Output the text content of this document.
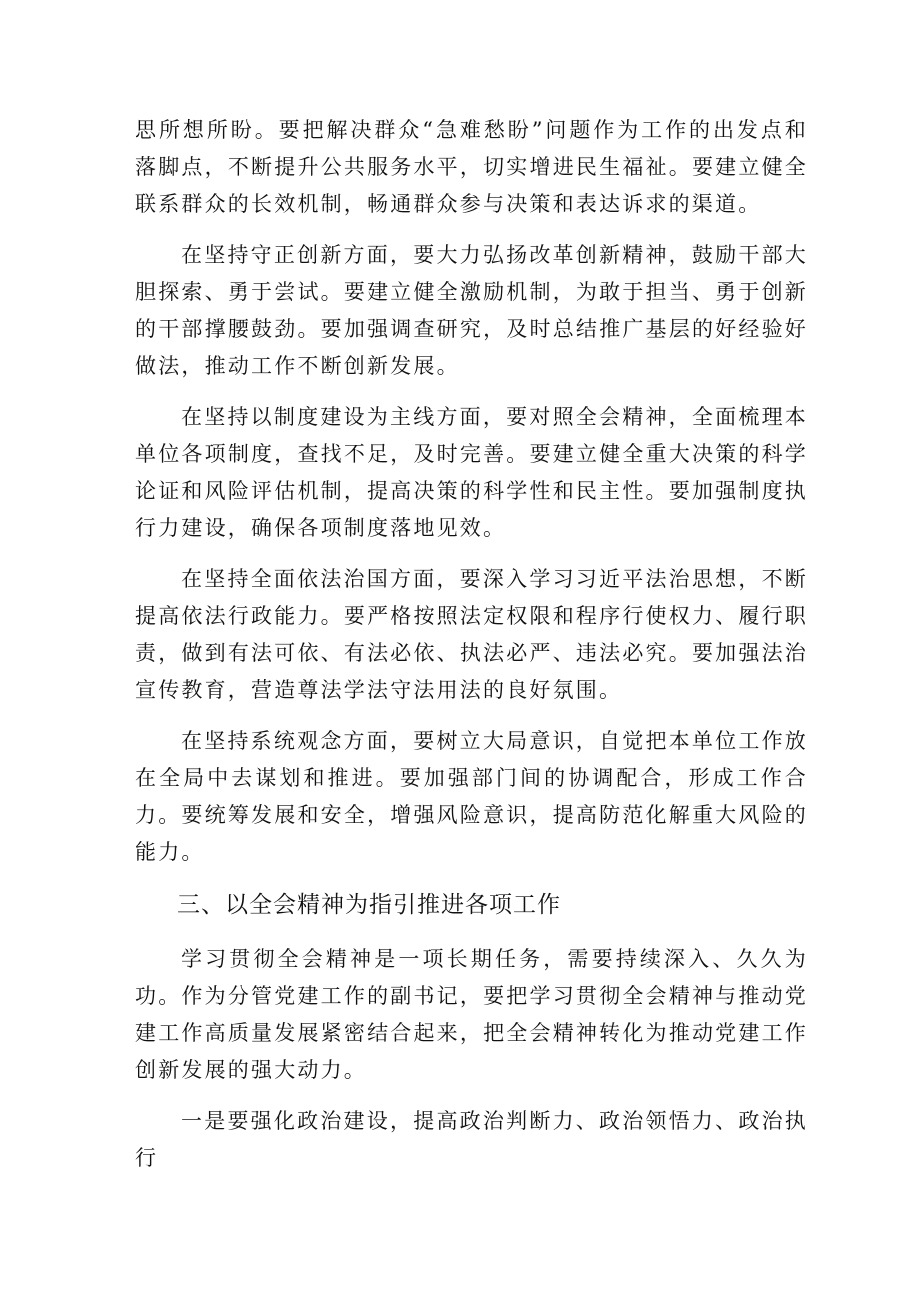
思所想所盼。要把解决群众“急难愁盼”问题作为工作的出发点和落脚点，不断提升公共服务水平，切实增进民生福祉。要建立健全联系群众的长效机制，畅通群众参与决策和表达诉求的渠道。

在坚持守正创新方面，要大力弘扬改革创新精神，鼓励干部大胆探索、勇于尝试。要建立健全激励机制，为敢于担当、勇于创新的干部撑腰鼓劲。要加强调查研究，及时总结推广基层的好经验好做法，推动工作不断创新发展。

在坚持以制度建设为主线方面，要对照全会精神，全面梳理本单位各项制度，查找不足，及时完善。要建立健全重大决策的科学论证和风险评估机制，提高决策的科学性和民主性。要加强制度执行力建设，确保各项制度落地见效。

在坚持全面依法治国方面，要深入学习习近平法治思想，不断提高依法行政能力。要严格按照法定权限和程序行使权力、履行职责，做到有法可依、有法必依、执法必严、违法必究。要加强法治宣传教育，营造尊法学法守法用法的良好氛围。

在坚持系统观念方面，要树立大局意识，自觉把本单位工作放在全局中去谋划和推进。要加强部门间的协调配合，形成工作合力。要统筹发展和安全，增强风险意识，提高防范化解重大风险的能力。

三、以全会精神为指引推进各项工作

学习贯彻全会精神是一项长期任务，需要持续深入、久久为功。作为分管党建工作的副书记，要把学习贯彻全会精神与推动党建工作高质量发展紧密结合起来，把全会精神转化为推动党建工作创新发展的强大动力。

一是要强化政治建设，提高政治判断力、政治领悟力、政治执行
